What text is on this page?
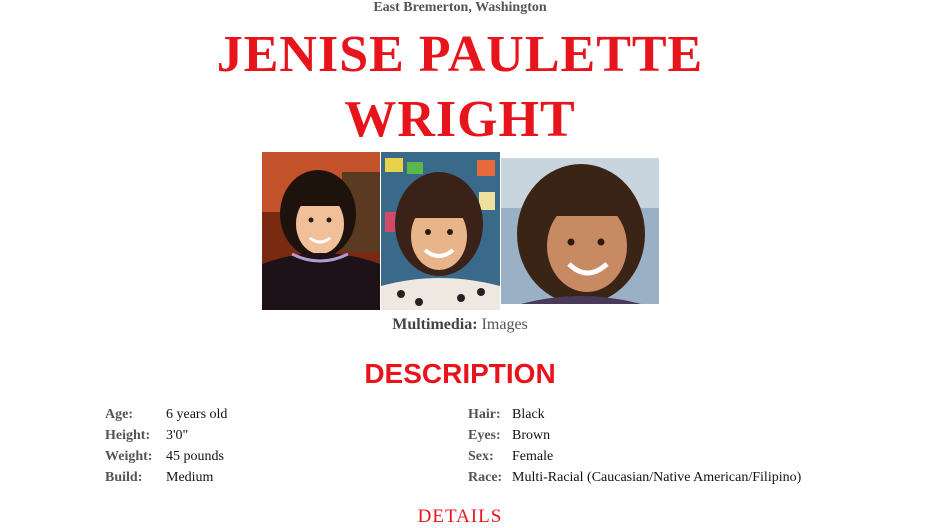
East Bremerton, Washington
JENISE PAULETTE
WRIGHT
Multimedia: Images
DESCRIPTION
Age:	6 years old
Height:	3'0"
Weight: 45 pounds
Build:	Medium
Hair: Black
Eyes: Brown
Sex:	Female
Race: Multi-Racial (Caucasian/Native American/Filipino)
DETAILS
